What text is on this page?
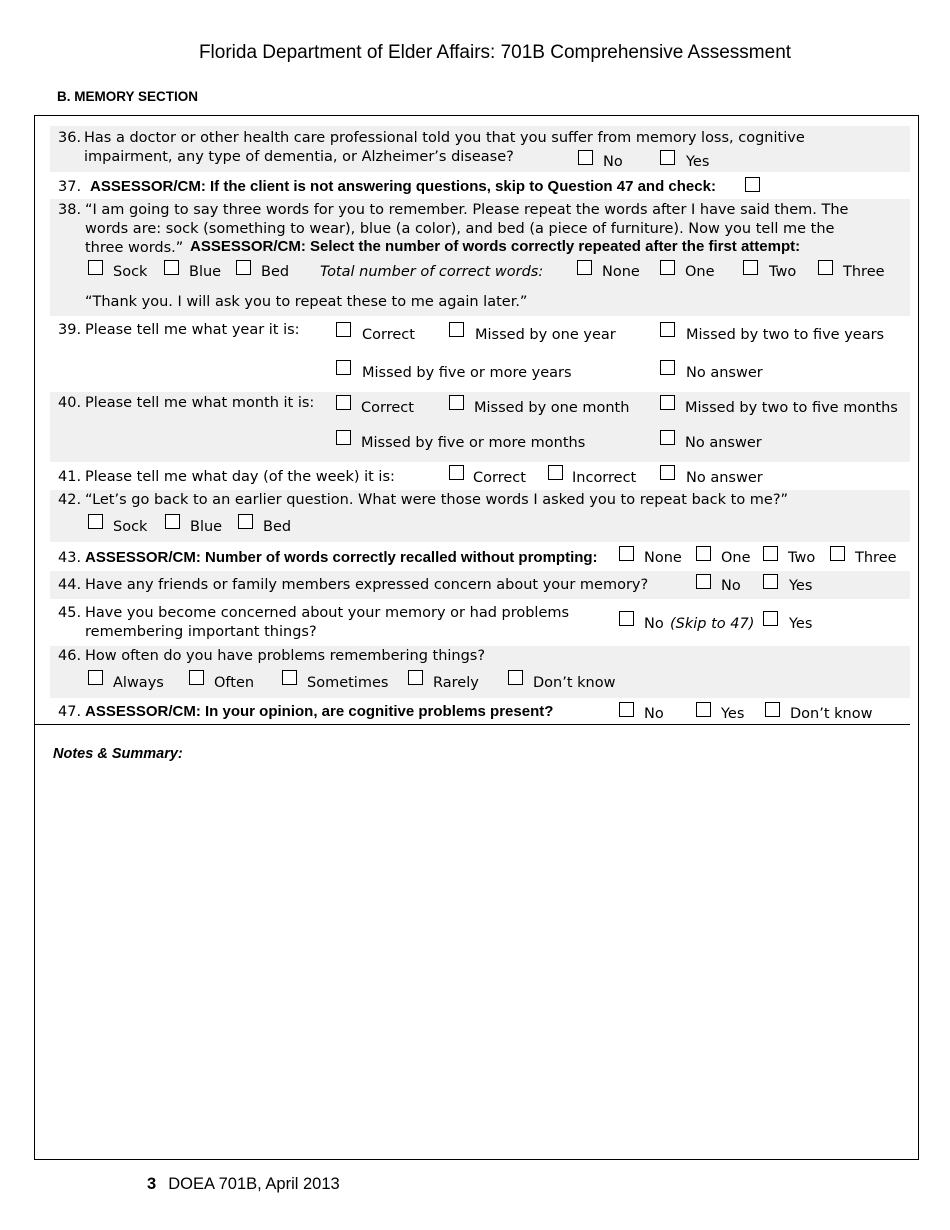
Florida Department of Elder Affairs: 701B Comprehensive Assessment
B. MEMORY SECTION
36. Has a doctor or other health care professional told you that you suffer from memory loss, cognitive
impairment, any type of dementia, or Alzheimer’s disease?	No	Yes
37. ASSESSOR/CM: If the client is not answering questions, skip to Question 47 and check:
38. “I am going to say three words for you to remember. Please repeat the words after I have said them. The
words are: sock (something to wear), blue (a color), and bed (a piece of furniture). Now you tell me the
three words.” ASSESSOR/CM: Select the number of words correctly repeated after the first attempt:
Sock	Blue	Bed Total number of correct words:	None	One	Two	Three
“Thank you. I will ask you to repeat these to me again later.”
39. Please tell me what year it is:	Correct	Missed by one year	Missed by two to five years
Missed by five or more years	No answer
40. Please tell me what month it is:	Correct	Missed by one month	Missed by two to five months
Missed by five or more months	No answer
41. Please tell me what day (of the week) it is:	Correct	Incorrect	No answer
42. “Let’s go back to an earlier question. What were those words I asked you to repeat back to me?”
Sock	Blue	Bed
43. ASSESSOR/CM: Number of words correctly recalled without prompting:	None	One	Two	Three
44. Have any friends or family members expressed concern about your memory?	No	Yes
45. Have you become concerned about your memory or had problems
remembering important things?	No (Skip to 47) Yes
46. How often do you have problems remembering things?
Always	Often	Sometimes	Rarely	Don’t know
47. ASSESSOR/CM: In your opinion, are cognitive problems present?	No	Yes	Don’t know
Notes & Summary:
3 DOEA 701B, April 2013
